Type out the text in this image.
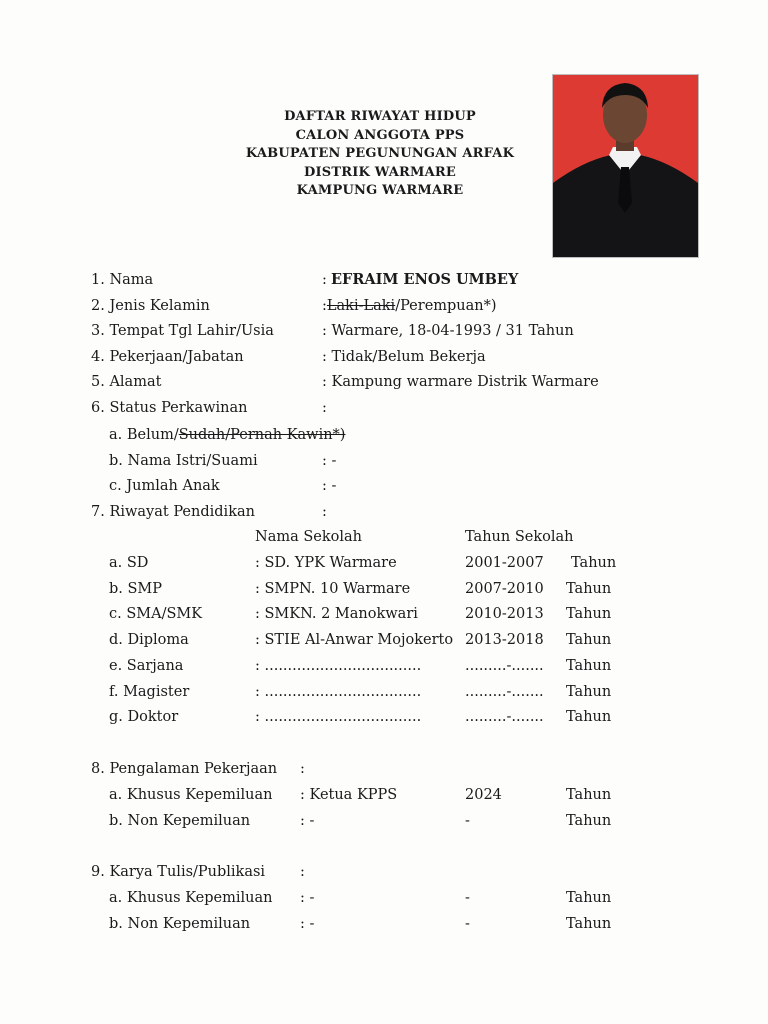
DAFTAR RIWAYAT HIDUP
CALON ANGGOTA PPS
KABUPATEN PEGUNUNGAN ARFAK
DISTRIK WARMARE
KAMPUNG WARMARE
1. Nama	: EFRAIM ENOS UMBEY
2. Jenis Kelamin	:Laki-Laki/Perempuan*)
3. Tempat Tgl Lahir/Usia	: Warmare, 18-04-1993 / 31 Tahun
4. Pekerjaan/Jabatan	: Tidak/Belum Bekerja
5. Alamat	: Kampung warmare Distrik Warmare
6. Status Perkawinan	:
a. Belum/Sudah/Pernah Kawin*)
b. Nama Istri/Suami	: -
c. Jumlah Anak	: -
7. Riwayat Pendidikan	:
Nama Sekolah	Tahun Sekolah
a. SD	: SD. YPK Warmare	2001-2007 Tahun
b. SMP	: SMPN. 10 Warmare	2007-2010 Tahun
c. SMA/SMK	: SMKN. 2 Manokwari	2010-2013 Tahun
d. Diploma	: STIE Al-Anwar Mojokerto 2013-2018 Tahun
e. Sarjana	: ..................................	.........-....... Tahun
f. Magister	: ..................................	.........-....... Tahun
g. Doktor	: ..................................	.........-....... Tahun
8. Pengalaman Pekerjaan :
a. Khusus Kepemiluan : Ketua KPPS	2024	Tahun
b. Non Kepemiluan	: -	-	Tahun
9. Karya Tulis/Publikasi :
a. Khusus Kepemiluan : -	-	Tahun
b. Non Kepemiluan	: -	-	Tahun
